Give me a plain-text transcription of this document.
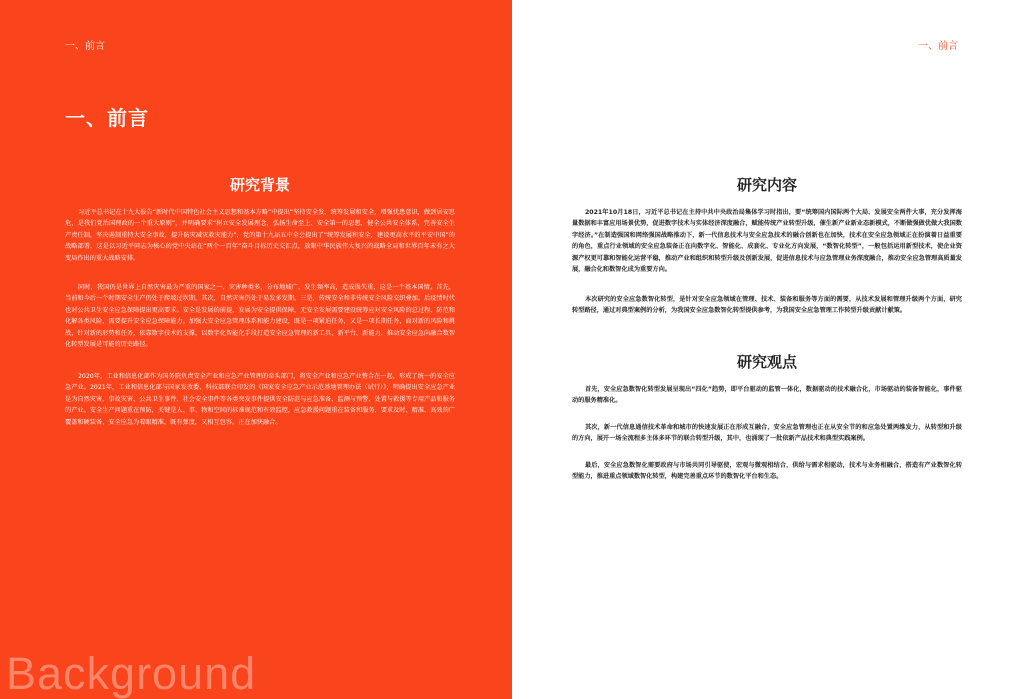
一、前言
一、前言
研究背景
习近平总书记在十九大报告“新时代中国特色社会主义思想和基本方略”中提出“坚持安全发、统筹发展和安全，增强忧患意识，做到居安思危，是我们党治国理政的一个重大原则”，并明确要求“树立安全发展理念，弘扬生命至上、安全第一的思想，健全公共安全体系，完善安全生产责任制，坚决遏制重特大安全事故，提升防灾减灾救灾能力”，党的第十九届五中全会提出了“统筹发展和安全，建设更高水平的平安中国”的战略部署，这是以习近平同志为核心的党中央站在“两个一百年”奋斗目标历史交汇点，放眼中华民族伟大复兴的战略全局和世界百年未有之大变局作出的重大战略安排。
同时，我国仍是世界上自然灾害最为严重的国家之一，灾害种类多，分布地域广，发生频率高，造成损失重，这是一个基本国情。首先，当前和今后一个时期安全生产仍处于爬坡过坎期，其次，自然灾害仍处于易发多发期。三是，传统安全和非传统安全风险交织叠加。后疫情时代也对公共卫生安全应急保障提出更高要求。安全是发展的前提，发展为安全提供保障，无安全发展需要建设统筹应对安全风险的总过程，防范和化解各类风险，需要提升安全应急保障能力。加强大安全应急管理体系和能力建设，既是一项紧迫任务，又是一项长期任务，面对新的风险和挑战，针对新的形势和任务，依靠数字技术的支撑，以数字化智能化手段打造安全应急管理的新工具、新平台、新能力，推动安全应急向融合数智化转型发展是可能的历史路径。
2020年，工业和信息化部作为国务院负责安全产业和应急产业管理的牵头部门，将安全产业和应急产业整合在一起，形成了统一的安全应急产业。2021年，工业和信息化部与国家发改委、科技部联合印发的《国家安全应急产业示范基地管理办法（试行）》，明确提出安全应急产业是为自然灾害、事故灾害、公共卫生事件、社会安全事件等各类突发事件提供安全防范与应急准备、监测与预警、处置与救援等专用产品和服务的产业。安全生产问题重在预防，关键是人、事、物和空间的标准规范和有效监控，应急救援问题重在装备和服务，要求及时、精准、高效的广覆盖和硬装备，安全应急为着眼精准，既有弹度，又相互包容，正在加快融合。
Background
一、前言
研究内容
2021年10月18日，习近平总书记在主持中共中央政治局集体学习时指出，要“统筹国内国际两个大局、发展安全两件大事，充分发挥海量数据和丰富应用场景优势，促进数字技术与实体经济深度融合，赋能传统产业转型升级，催生新产业新业态新模式，不断做强做优做大我国数字经济。”在制造强国和网络强国战略推动下，新一代信息技术与安全应急技术的融合创新也在加快，技术在安全应急领域正在扮演着日益重要的角色，重点行业领域的安全应急装备正在向数字化、智能化、成套化、专业化方向发展，“数智化转型”，一般包括运用新型技术，使企业资源产权更可靠和智能化运营平稳，推动产业和组织和转型升级及创新发展，促进信息技术与应急管理业务深度融合，推动安全应急管理高质量发展，融合化和数智化成为重要方向。
本次研究的安全应急数智化转型，是针对安全应急领域在管理、技术、装备和服务等方面的需要，从技术发展和管理升级两个方面，研究转型路径，通过对典型案例的分析，为我国安全应急数智化转型提供参考，为我国安全应急管理工作转型升级贡献计献策。
研究观点
首先，安全应急数智化转型发展呈现出“四化”趋势，即平台驱动的监管一体化，数据驱动的技术融合化，市场驱动的装备智能化，事件驱动的服务精准化。
其次，新一代信息通信技术革命和城市的快速发展正在形成互融合，安全应急管理也正在从安全节的和应急处置两维发力，从转型和升级的方向，展开一场全流程多主体多环节的联合转型升级，其中，也涌现了一批依新产品技术和典型实践案例。
最后，安全应急数智化需要政府与市场共同引导驱使，宏观与微观相结合，供给与需求相驱动，技术与业务相融合，搭造有产业数智化转型能力，推进重点领域数智化转型，构建完善重点环节的数智化平台和生态。
